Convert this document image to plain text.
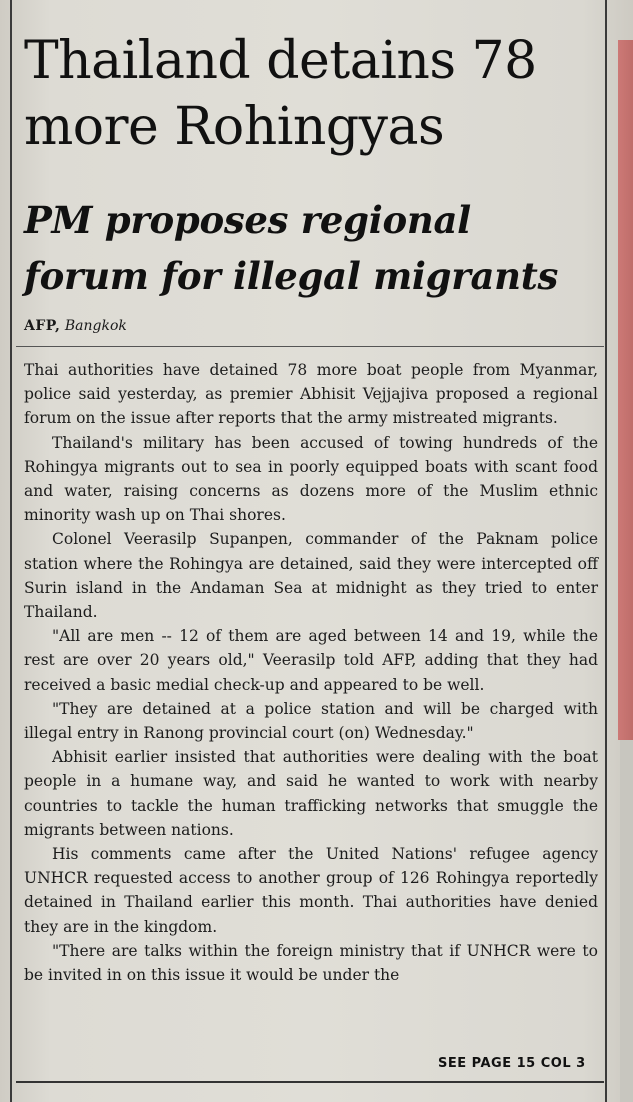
Thailand detains 78 more Rohingyas
PM proposes regional forum for illegal migrants
AFP, Bangkok

Thai authorities have detained 78 more boat people from Myanmar, police said yesterday, as premier Abhisit Vejjajiva proposed a regional forum on the issue after reports that the army mistreated migrants.

Thailand's military has been accused of towing hundreds of the Rohingya migrants out to sea in poorly equipped boats with scant food and water, raising concerns as dozens more of the Muslim ethnic minority wash up on Thai shores.

Colonel Veerasilp Supanpen, commander of the Paknam police station where the Rohingya are detained, said they were intercepted off Surin island in the Andaman Sea at midnight as they tried to enter Thailand.

"All are men -- 12 of them are aged between 14 and 19, while the rest are over 20 years old," Veerasilp told AFP, adding that they had received a basic medial check-up and appeared to be well.

"They are detained at a police station and will be charged with illegal entry in Ranong provincial court (on) Wednesday."

Abhisit earlier insisted that authorities were dealing with the boat people in a humane way, and said he wanted to work with nearby countries to tackle the human trafficking networks that smuggle the migrants between nations.

His comments came after the United Nations' refugee agency UNHCR requested access to another group of 126 Rohingya reportedly detained in Thailand earlier this month. Thai authorities have denied they are in the kingdom.

"There are talks within the foreign ministry that if UNHCR were to be invited in on this issue it would be under the

SEE PAGE 15 COL 3
